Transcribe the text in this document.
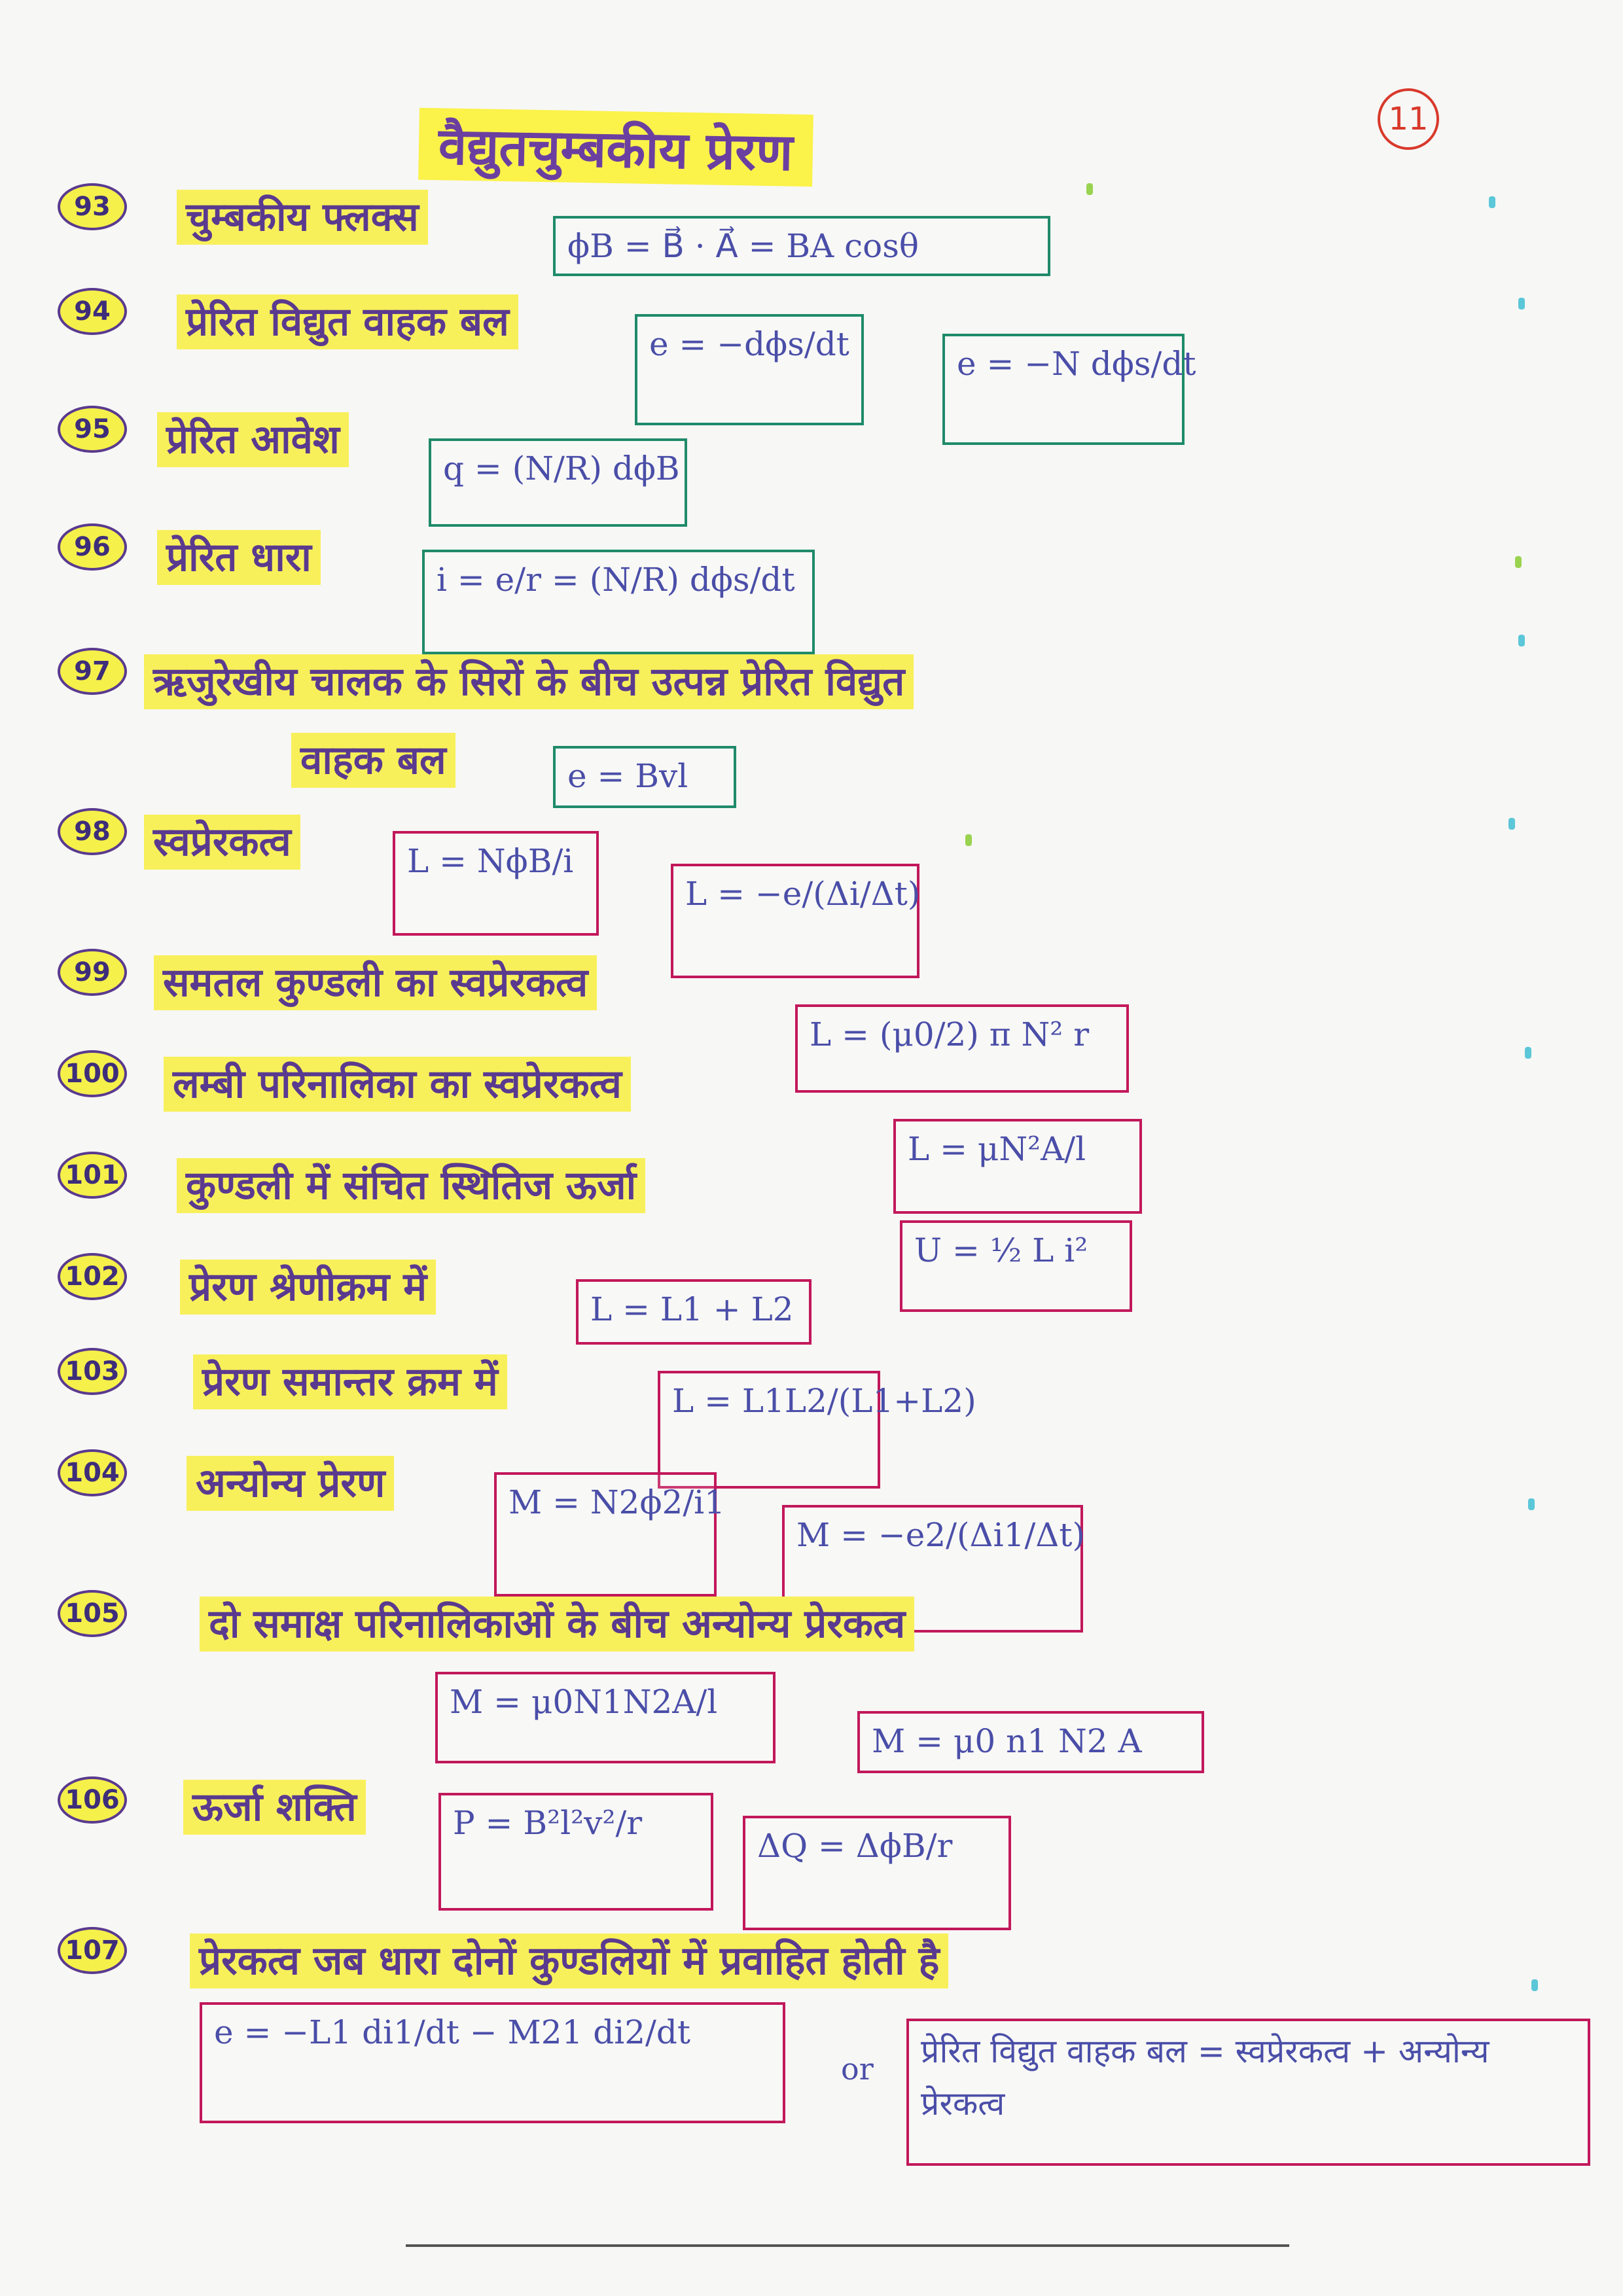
11
वैद्युतचुम्बकीय प्रेरण
93	चुम्बकीय फ्लक्स
ϕB = B⃗ · A⃗ = BA cosθ
94	प्रेरित विद्युत वाहक बल	e = −dϕs/dt
e = −N dϕs/dt
95	प्रेरित आवेश
q = (N/R) dϕB
96	प्रेरित धारा	i = e/r = (N/R) dϕs/dt
97	ऋजुरेखीय चालक के सिरों के बीच उत्पन्न प्रेरित विद्युत
वाहक बल	e = Bvl
98	स्वप्रेरकत्व	L = NϕB/i
L = −e/(Δi/Δt)
99	समतल कुण्डली का स्वप्रेरकत्व
L = (μ0/2) π N² r
100 लम्बी परिनालिका का स्वप्रेरकत्व
L = μN²A/l
101 कुण्डली में संचित स्थितिज ऊर्जा
U = ½ L i²
102 प्रेरण श्रेणीक्रम में	L = L1 + L2
103 प्रेरण समान्तर क्रम में	L = L1L2/(L1+L2)
104 अन्योन्य प्रेरण	M = N2ϕ2/i1
M = −e2/(Δi1/Δt)
105 दो समाक्ष परिनालिकाओं के बीच अन्योन्य प्रेरकत्व
M = μ0N1N2A/l
M = μ0 n1 N2 A
106 ऊर्जा शक्ति	P = B²l²v²/r
ΔQ = ΔϕB/r
107 प्रेरकत्व जब धारा दोनों कुण्डलियों में प्रवाहित होती है
e = −L1 di1/dt − M21 di2/dt
or	प्रेरित विद्युत वाहक बल = स्वप्रेरकत्व + अन्योन्य प्रेरकत्व
